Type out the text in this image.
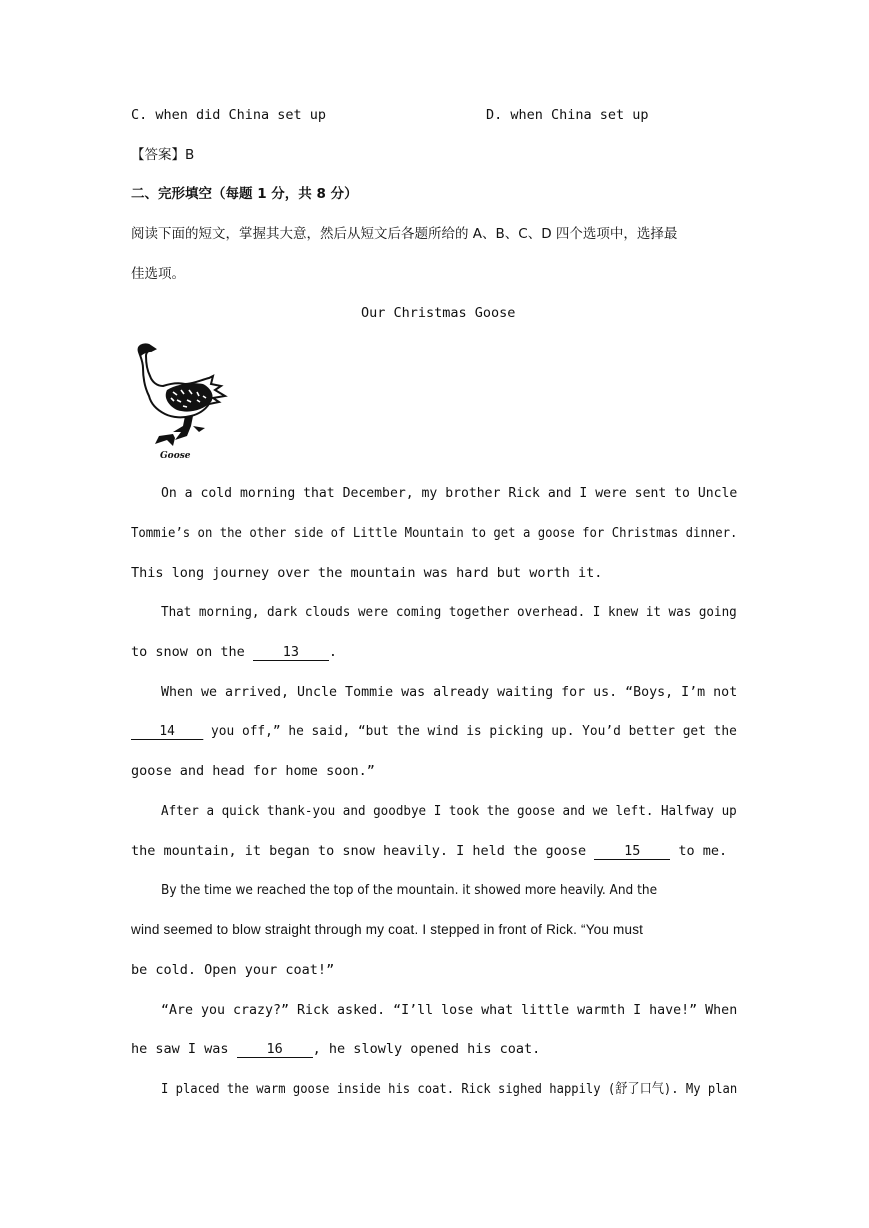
C. when did China set up	D. when China set up
【答案】B
二、完形填空（每题 1 分，共 8 分）
阅读下面的短文，掌握其大意，然后从短文后各题所给的 A、B、C、D 四个选项中，选择最
佳选项。
Our Christmas Goose
Goose
On a cold morning that December, my brother Rick and I were sent to Uncle
Tommie’s on the other side of Little Mountain to get a goose for Christmas dinner.
This long journey over the mountain was hard but worth it.
That morning, dark clouds were coming together overhead. I knew it was going
to snow on the 13 .
When we arrived, Uncle Tommie was already waiting for us. “Boys, I’m not
14 you off,” he said, “but the wind is picking up. You’d better get the
goose and head for home soon.”
After a quick thank-you and goodbye I took the goose and we left. Halfway up
the mountain, it began to snow heavily. I held the goose 15 to me.
By the time we reached the top of the mountain. it showed more heavily. And the
wind seemed to blow straight through my coat. I stepped in front of Rick. “You must
be cold. Open your coat!”
“Are you crazy?” Rick asked. “I’ll lose what little warmth I have!” When
he saw I was 16 , he slowly opened his coat.
I placed the warm goose inside his coat. Rick sighed happily (舒了口气). My plan
